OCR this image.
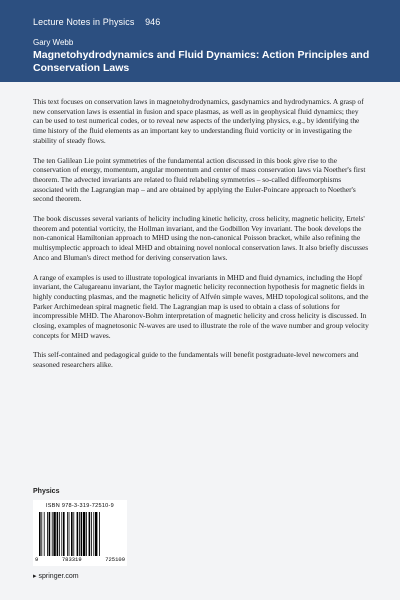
Lecture Notes in Physics 946
Gary Webb
Magnetohydrodynamics and Fluid Dynamics: Action Principles and Conservation Laws

This text focuses on conservation laws in magnetohydrodynamics, gasdynamics and hydrodynamics. A grasp of new conservation laws is essential in fusion and space plasmas, as well as in geophysical fluid dynamics; they can be used to test numerical codes, or to reveal new aspects of the underlying physics, e.g., by identifying the time history of the fluid elements as an important key to understanding fluid vorticity or in investigating the stability of steady flows.

The ten Galilean Lie point symmetries of the fundamental action discussed in this book give rise to the conservation of energy, momentum, angular momentum and center of mass conservation laws via Noether's first theorem. The advected invariants are related to fluid relabeling symmetries – so-called diffeomorphisms associated with the Lagrangian map – and are obtained by applying the Euler-Poincare approach to Noether's second theorem.

The book discusses several variants of helicity including kinetic helicity, cross helicity, magnetic helicity, Ertels' theorem and potential vorticity, the Hollman invariant, and the Godbillon Vey invariant. The book develops the non-canonical Hamiltonian approach to MHD using the non-canonical Poisson bracket, while also refining the multisymplectic approach to ideal MHD and obtaining novel nonlocal conservation laws. It also briefly discusses Anco and Bluman's direct method for deriving conservation laws.

A range of examples is used to illustrate topological invariants in MHD and fluid dynamics, including the Hopf invariant, the Calugareanu invariant, the Taylor magnetic helicity reconnection hypothesis for magnetic fields in highly conducting plasmas, and the magnetic helicity of Alfvén simple waves, MHD topological solitons, and the Parker Archimedean spiral magnetic field. The Lagrangian map is used to obtain a class of solutions for incompressible MHD. The Aharonov-Bohm interpretation of magnetic helicity and cross helicity is discussed. In closing, examples of magnetosonic N-waves are used to illustrate the role of the wave number and group velocity concepts for MHD waves.

This self-contained and pedagogical guide to the fundamentals will benefit postgraduate-level newcomers and seasoned researchers alike.

Physics
ISBN 978-3-319-72510-9
9	783319	725109
▸ springer.com
